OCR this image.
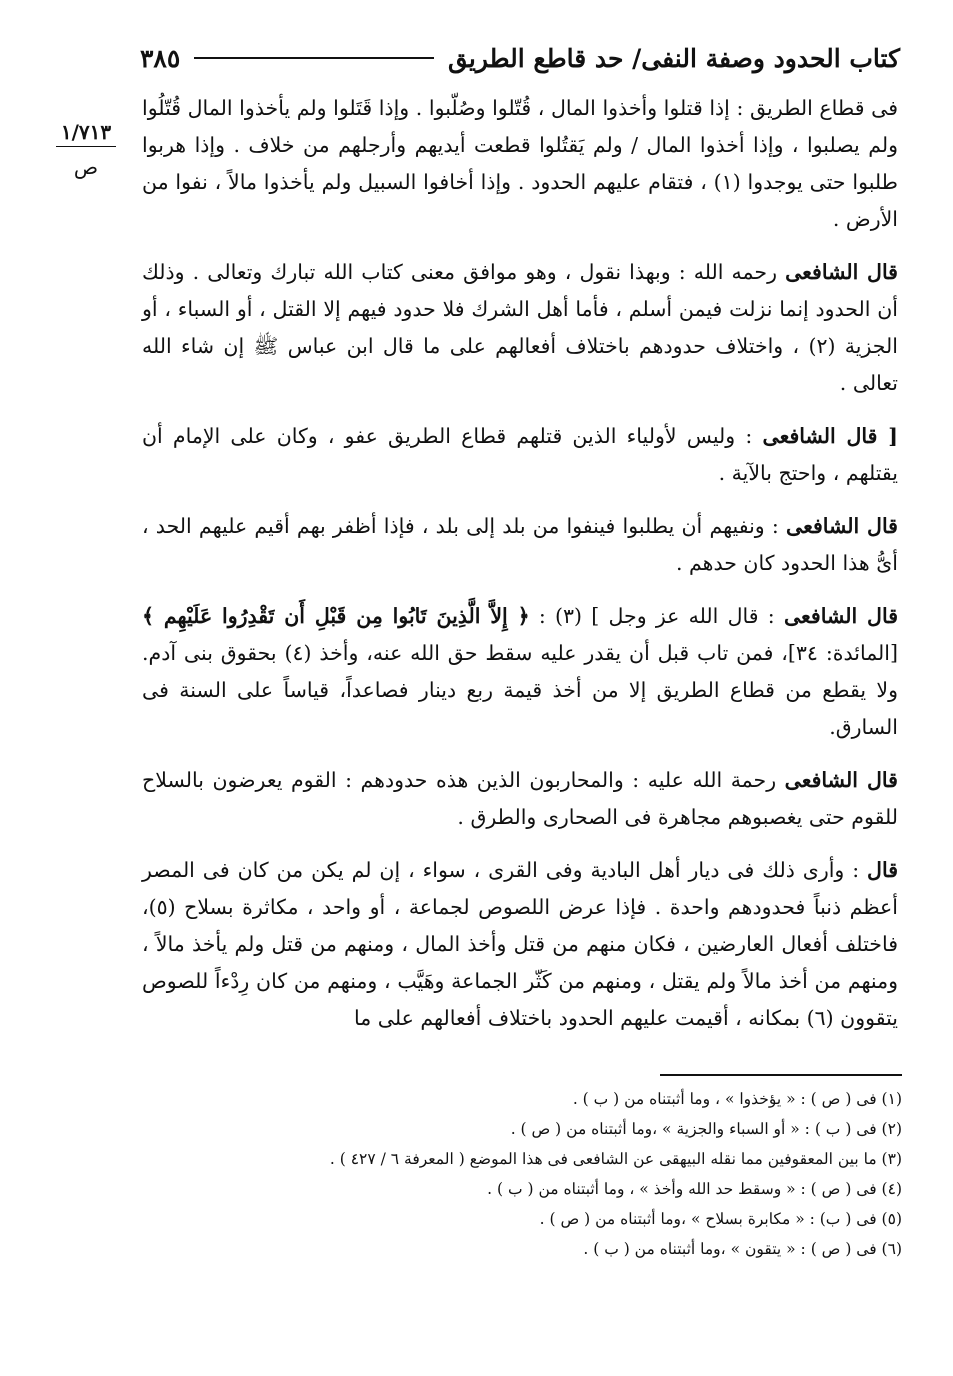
كتاب الحدود وصفة النفى/ حد قاطع الطريق
٣٨٥
١/٧١٣
ص

فى قطاع الطريق : إذا قتلوا وأخذوا المال ، قُتّلوا وصُلّبوا . وإذا قَتَلوا ولم يأخذوا المال قُتّلُوا ولم يصلبوا ، وإذا أخذوا المال / ولم يَقتُلوا قطعت أيديهم وأرجلهم من خلاف . وإذا هربوا طلبوا حتى يوجدوا (١) ، فتقام عليهم الحدود . وإذا أخافوا السبيل ولم يأخذوا مالاً ، نفوا من الأرض .

قال الشافعى رحمه الله : وبهذا نقول ، وهو موافق معنى كتاب الله تبارك وتعالى . وذلك أن الحدود إنما نزلت فيمن أسلم ، فأما أهل الشرك فلا حدود فيهم إلا القتل ، أو السباء ، أو الجزية (٢) ، واختلاف حدودهم باختلاف أفعالهم على ما قال ابن عباس ﷺ إن شاء الله تعالى .

[ قال الشافعى : وليس لأولياء الذين قتلهم قطاع الطريق عفو ، وكان على الإمام أن يقتلهم ، واحتج بالآية .

قال الشافعى : ونفيهم أن يطلبوا فينفوا من بلد إلى بلد ، فإذا أظفر بهم أقيم عليهم الحد ، أىُّ هذا الحدود كان حدهم .

قال الشافعى : قال الله عز وجل ] (٣) : ﴿ إِلاَّ الَّذِينَ تَابُوا مِن قَبْلِ أَن تَقْدِرُوا عَلَيْهِم ﴾ [المائدة: ٣٤]، فمن تاب قبل أن يقدر عليه سقط حق الله عنه، وأخذ (٤) بحقوق بنى آدم. ولا يقطع من قطاع الطريق إلا من أخذ قيمة ربع دينار فصاعداً، قياساً على السنة فى السارق.

قال الشافعى رحمة الله عليه : والمحاربون الذين هذه حدودهم : القوم يعرضون بالسلاح للقوم حتى يغصبوهم مجاهرة فى الصحارى والطرق .

قال : وأرى ذلك فى ديار أهل البادية وفى القرى ، سواء ، إن لم يكن من كان فى المصر أعظم ذنباً فحدودهم واحدة . فإذا عرض اللصوص لجماعة ، أو واحد ، مكاثرة بسلاح (٥)، فاختلف أفعال العارضين ، فكان منهم من قتل وأخذ المال ، ومنهم من قتل ولم يأخذ مالاً ، ومنهم من أخذ مالاً ولم يقتل ، ومنهم من كَثّر الجماعة وهَيَّب ، ومنهم من كان رِدْءاً للصوص يتقوون (٦) بمكانه ، أقيمت عليهم الحدود باختلاف أفعالهم على ما

(١) فى ( ص ) : « يؤخذوا » ، وما أثبتناه من ( ب ) .
(٢) فى ( ب ) : « أو السباء والجزية » ،وما أثبتناه من ( ص ) .
(٣) ما بين المعقوفين مما نقله البيهقى عن الشافعى فى هذا الموضع ( المعرفة ٦ / ٤٢٧ ) .
(٤) فى ( ص ) : « وسقط حد الله وأخذ » ، وما أثبتناه من ( ب ) .
(٥) فى ( ب) : « مكابرة بسلاح » ،وما أثبتناه من ( ص ) .
(٦) فى ( ص ) : « يتقون » ،وما أثبتناه من ( ب ) .
